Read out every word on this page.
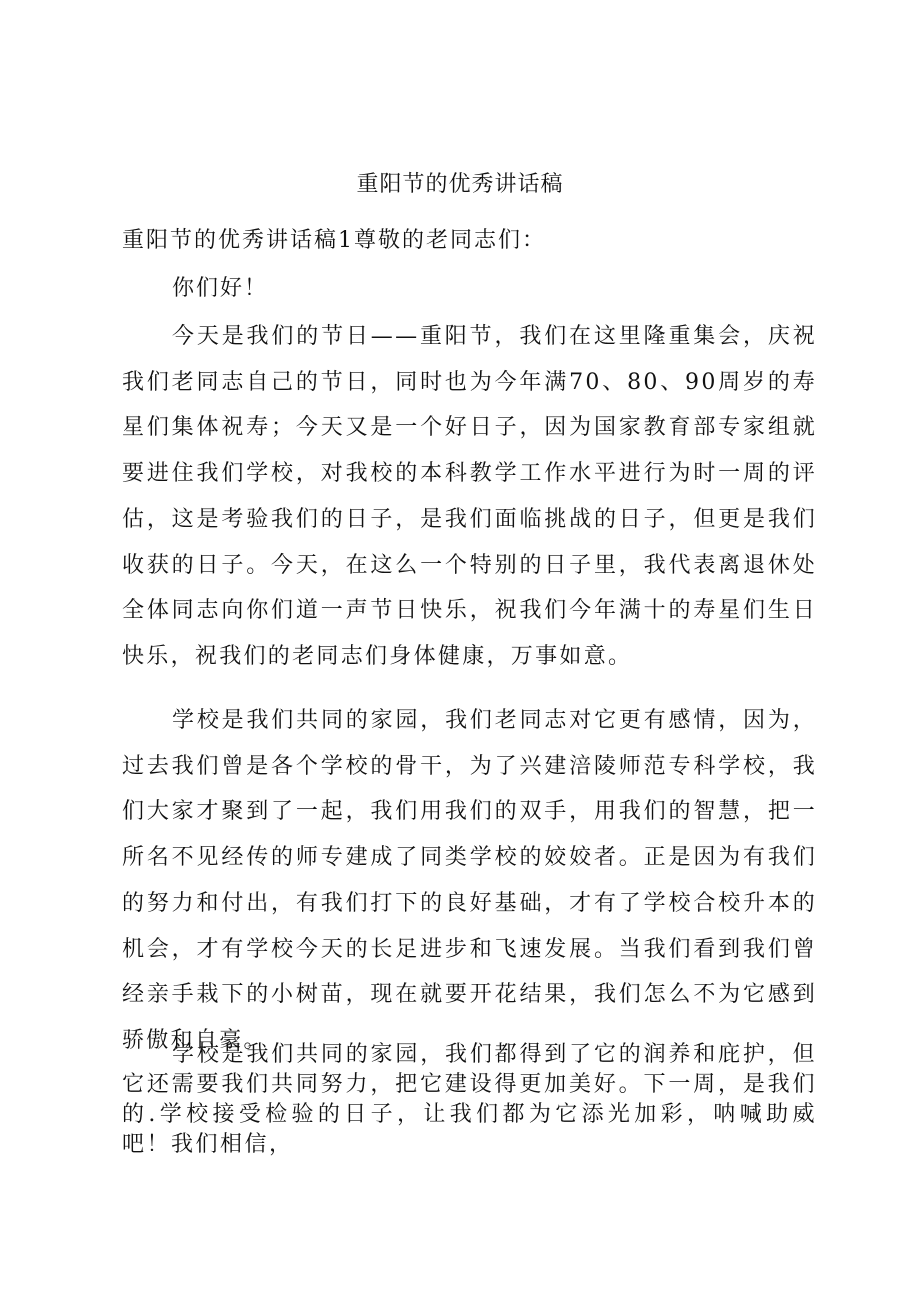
重阳节的优秀讲话稿
重阳节的优秀讲话稿1尊敬的老同志们：
你们好！

今天是我们的节日——重阳节，我们在这里隆重集会，庆祝我们老同志自己的节日，同时也为今年满70、80、90周岁的寿星们集体祝寿；今天又是一个好日子，因为国家教育部专家组就要进住我们学校，对我校的本科教学工作水平进行为时一周的评估，这是考验我们的日子，是我们面临挑战的日子，但更是我们收获的日子。今天，在这么一个特别的日子里，我代表离退休处全体同志向你们道一声节日快乐，祝我们今年满十的寿星们生日快乐，祝我们的老同志们身体健康，万事如意。

学校是我们共同的家园，我们老同志对它更有感情，因为，过去我们曾是各个学校的骨干，为了兴建涪陵师范专科学校，我们大家才聚到了一起，我们用我们的双手，用我们的智慧，把一所名不见经传的师专建成了同类学校的姣姣者。正是因为有我们的努力和付出，有我们打下的良好基础，才有了学校合校升本的机会，才有学校今天的长足进步和飞速发展。当我们看到我们曾经亲手栽下的小树苗，现在就要开花结果，我们怎么不为它感到骄傲和自豪。

学校是我们共同的家园，我们都得到了它的润养和庇护，但它还需要我们共同努力，把它建设得更加美好。下一周，是我们的.学校接受检验的日子，让我们都为它添光加彩，呐喊助威吧！我们相信，
